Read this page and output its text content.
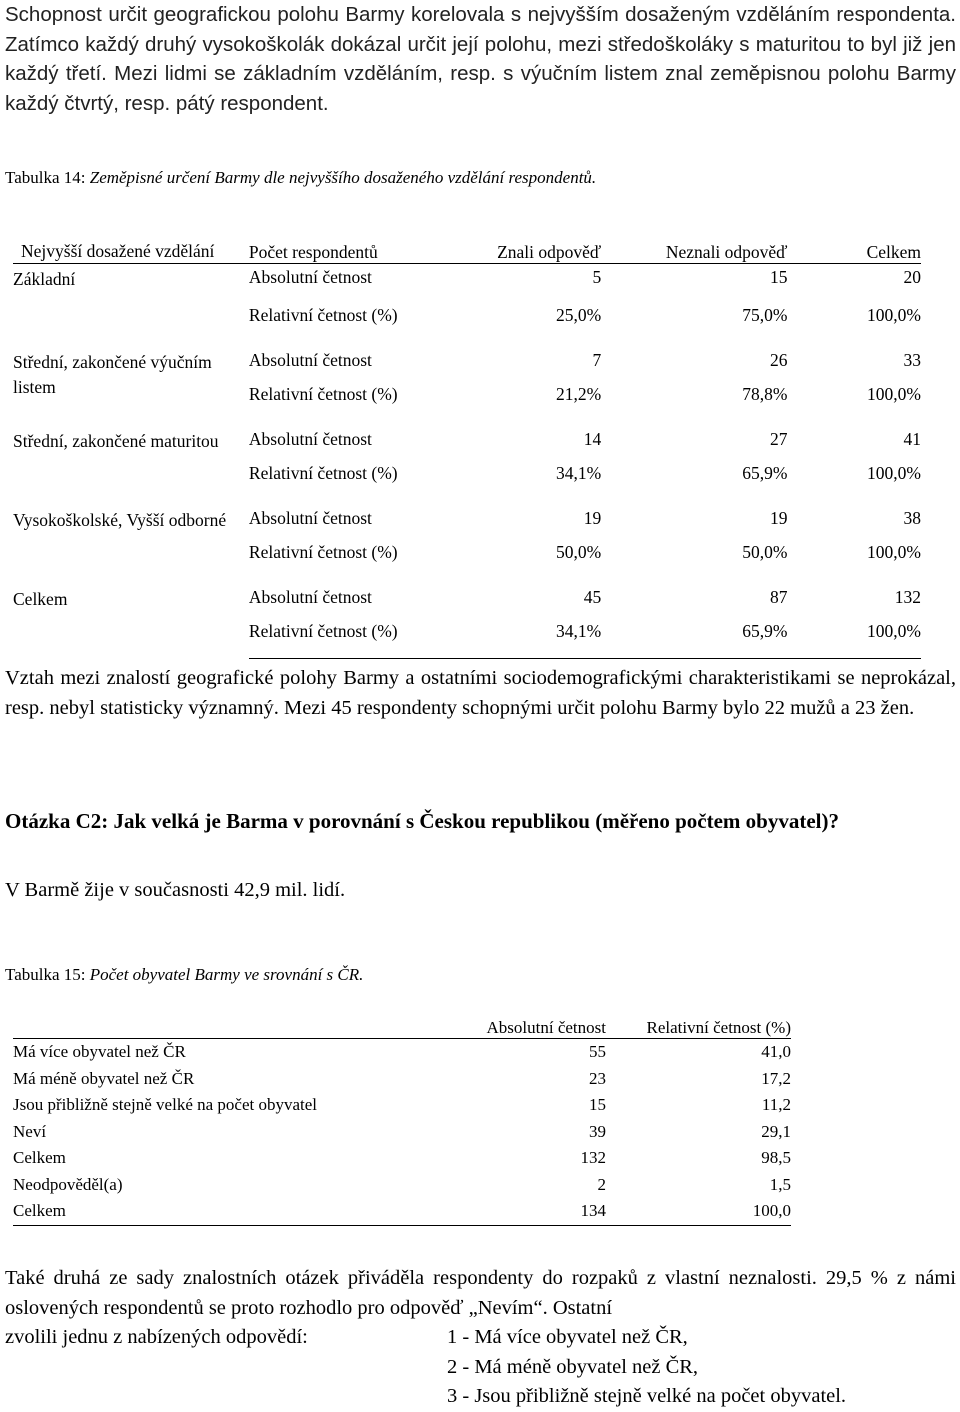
Schopnost určit geografickou polohu Barmy korelovala s nejvyšším dosaženým vzděláním respondenta. Zatímco každý druhý vysokoškolák dokázal určit její polohu, mezi středoškoláky s maturitou to byl již jen každý třetí. Mezi lidmi se základním vzděláním, resp. s výučním listem znal zeměpisnou polohu Barmy každý čtvrtý, resp. pátý respondent.

Tabulka 14: Zeměpisné určení Barmy dle nejvyššího dosaženého vzdělání respondentů.

Nejvyšší dosažené vzdělání	Počet respondentů	Znali odpověď	Neznali odpověď	Celkem
Základní	Absolutní četnost	5	15	20
	Relativní četnost (%)	25,0%	75,0%	100,0%
Střední, zakončené výučním listem	Absolutní četnost	7	26	33
	Relativní četnost (%)	21,2%	78,8%	100,0%
Střední, zakončené maturitou	Absolutní četnost	14	27	41
	Relativní četnost (%)	34,1%	65,9%	100,0%
Vysokoškolské, Vyšší odborné	Absolutní četnost	19	19	38
	Relativní četnost (%)	50,0%	50,0%	100,0%
Celkem	Absolutní četnost	45	87	132
	Relativní četnost (%)	34,1%	65,9%	100,0%

Vztah mezi znalostí geografické polohy Barmy a ostatními sociodemografickými charakteristikami se neprokázal, resp. nebyl statisticky významný. Mezi 45 respondenty schopnými určit polohu Barmy bylo 22 mužů a 23 žen.

Otázka C2: Jak velká je Barma v porovnání s Českou republikou (měřeno počtem obyvatel)?

V Barmě žije v současnosti 42,9 mil. lidí.

Tabulka 15: Počet obyvatel Barmy ve srovnání s ČR.

	Absolutní četnost	Relativní četnost (%)
Má více obyvatel než ČR	55	41,0
Má méně obyvatel než ČR	23	17,2
Jsou přibližně stejně velké na počet obyvatel	15	11,2
Neví	39	29,1
Celkem	132	98,5
Neodpověděl(a)	2	1,5
Celkem	134	100,0

Také druhá ze sady znalostních otázek přiváděla respondenty do rozpaků z vlastní neznalosti. 29,5 % z námi oslovených respondentů se proto rozhodlo pro odpověď „Nevím“. Ostatní

zvolili jednu z nabízených odpovědí:	1 - Má více obyvatel než ČR,
2 - Má méně obyvatel než ČR,
3 - Jsou přibližně stejně velké na počet obyvatel.
